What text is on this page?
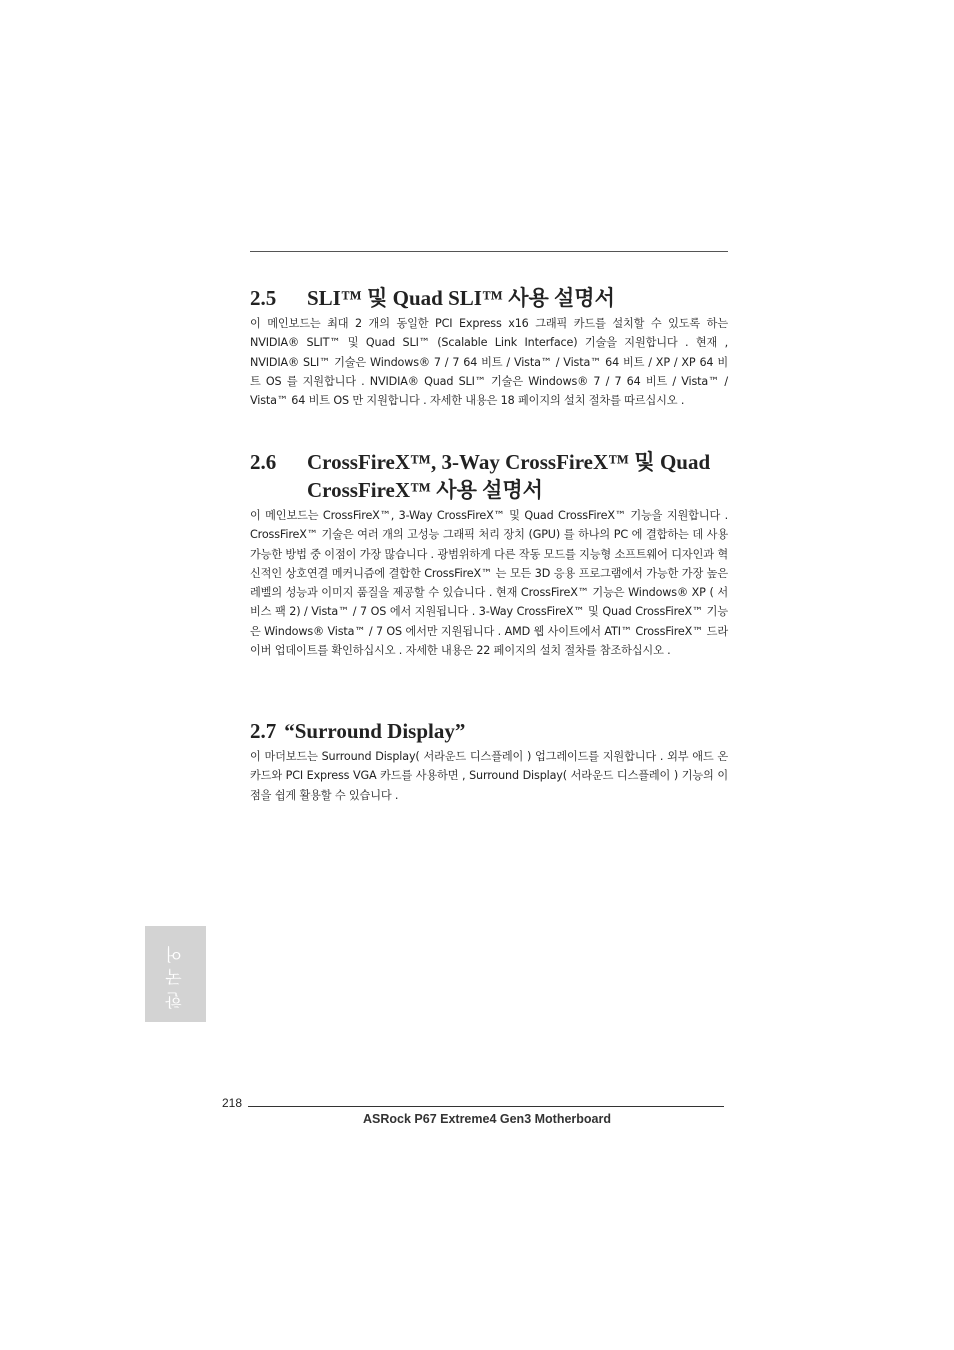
2.5	SLI™ 및 Quad SLI™ 사용 설명서

이 메인보드는 최대 2 개의 동일한 PCI Express x16 그래픽 카드를 설치할 수 있도록 하는 NVIDIA® SLIT™ 및 Quad SLI™ (Scalable Link Interface) 기술을 지원합니다 . 현재 , NVIDIA® SLI™ 기술은 Windows® 7 / 7 64 비트 / Vista™ / Vista™ 64 비트 / XP / XP 64 비트 OS 를 지원합니다 . NVIDIA® Quad SLI™ 기술은 Windows® 7 / 7 64 비트 / Vista™ / Vista™ 64 비트 OS 만 지원합니다 . 자세한 내용은 18 페이지의 설치 절차를 따르십시오 .

2.6	CrossFireX™, 3-Way CrossFireX™ 및 Quad CrossFireX™ 사용 설명서

이 메인보드는 CrossFireX™, 3-Way CrossFireX™ 및 Quad CrossFireX™ 기능을 지원합니다 . CrossFireX™ 기술은 여러 개의 고성능 그래픽 처리 장치 (GPU) 를 하나의 PC 에 결합하는 데 사용 가능한 방법 중 이점이 가장 많습니다 . 광범위하게 다른 작동 모드를 지능형 소프트웨어 디자인과 혁신적인 상호연결 메커니즘에 결합한 CrossFireX™ 는 모든 3D 응용 프로그램에서 가능한 가장 높은 레벨의 성능과 이미지 품질을 제공할 수 있습니다 . 현재 CrossFireX™ 기능은 Windows® XP ( 서비스 팩 2) / Vista™ / 7 OS 에서 지원됩니다 . 3-Way CrossFireX™ 및 Quad CrossFireX™ 기능은 Windows® Vista™ / 7 OS 에서만 지원됩니다 . AMD 웹 사이트에서 ATI™ CrossFireX™ 드라이버 업데이트를 확인하십시오 . 자세한 내용은 22 페이지의 설치 절차를 참조하십시오 .

2.7 “Surround Display”

이 마더보드는 Surround Display( 서라운드 디스플레이 ) 업그레이드를 지원합니다 . 외부 애드 온 카드와 PCI Express VGA 카드를 사용하면 , Surround Display( 서라운드 디스플레이 ) 기능의 이점을 쉽게 활용할 수 있습니다 .

한국어
218
ASRock P67 Extreme4 Gen3 Motherboard
